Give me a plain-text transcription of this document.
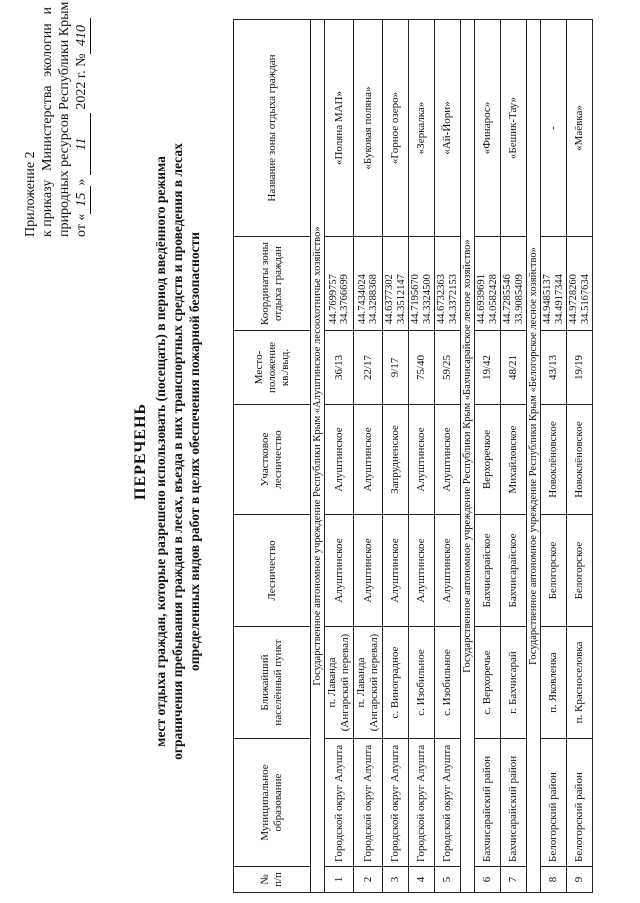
Приложение 2 к приказу
Министерства
экологии
и природных ресурсов Республики Крым от «15» 11 2022 г. №410
ПЕРЕЧЕНЬ мест отдыха граждан, которые разрешено использовать (посещать) в период введённого режима ограничения пребывания граждан в лесах, въезда в них транспортных средств и проведения в лесах определенных видов работ в целях обеспечения пожарной безопасности
№ п/п	Муниципальное образование	Ближайший населённый пункт	Лесничество	Участковое лесничество	Место-положение кв./выд.	Координаты зоны отдыха граждан	Название зоны отдыха граждан
Государственное автономное учреждение Республики Крым «Алуштинское лесоохотничье хозяйство»							
1	Городской округ Алушта	п. Лаванда (Ангарский перевал)	Алуштинское	Алуштинское	36/13	44.7699757 34.3766699	«Поляна МАП»
2	Городской округ Алушта	п. Лаванда (Ангарский перевал)	Алуштинское	Алуштинское	22/17	44.7434024 34.3288368	«Буковая поляна»
3	Городской округ Алушта	с. Виноградное	Алуштинское	Запрудненское	9/17	44.6377302 34.3512147	«Горное озеро»
4	Городской округ Алушта	с. Изобильное	Алуштинское	Алуштинское	75/40	44.7195670 34.3324500	«Зеркалка»
5	Городской округ Алушта	с. Изобильное	Алуштинское	Алуштинское	59/25	44.6732363 34.3372153	«Ай-Йори»
Государственное автономное учреждение Республики Крым «Бахчисарайское лесное хозяйство»							
6	Бахчисарайский район	с. Верхоречье	Бахчисарайское	Верхоречкое	19/42	44.6939691 34.0582428	«Финарос»
7	Бахчисарайский район	г. Бахчисарай	Бахчисарайское	Михайловское	48/21	44.7285546 33.9085409	«Бешик-Тау»
Государственное автономное учреждение Республики Крым «Белогорское лесное хозяйство»							
8	Белогорский район	п. Яковленка	Белогорское	Новоклёновское	43/13	44.9485137 34.4917344	-
9	Белогорский район	п. Красноселовка	Белогорское	Новоклёновское	19/19	44.9728260 34.5167634	«Маёвка»
